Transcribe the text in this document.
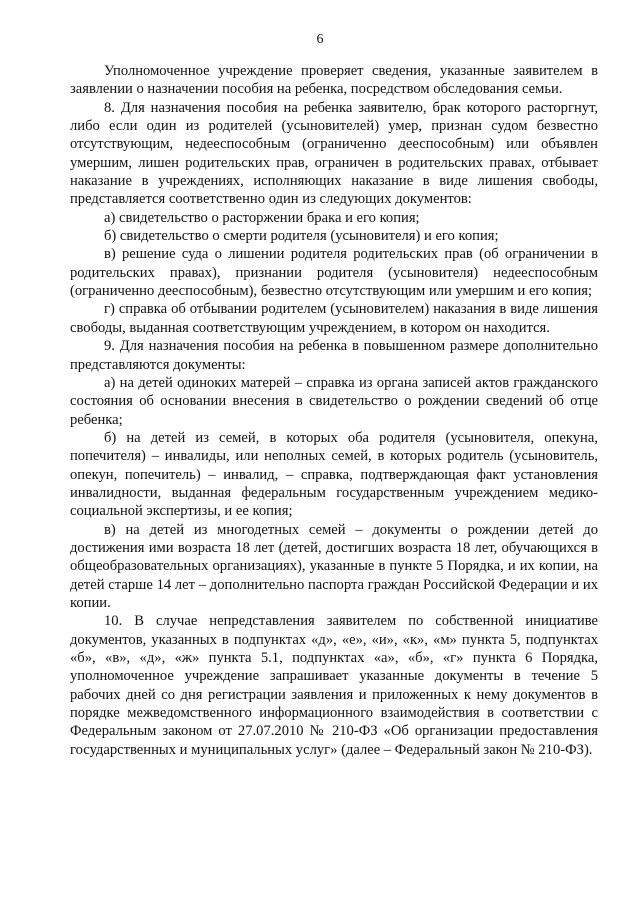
6

Уполномоченное учреждение проверяет сведения, указанные заявителем в заявлении о назначении пособия на ребенка, посредством обследования семьи.

8. Для назначения пособия на ребенка заявителю, брак которого расторгнут, либо если один из родителей (усыновителей) умер, признан судом безвестно отсутствующим, недееспособным (ограниченно дееспособным) или объявлен умершим, лишен родительских прав, ограничен в родительских правах, отбывает наказание в учреждениях, исполняющих наказание в виде лишения свободы, представляется соответственно один из следующих документов:

а) свидетельство о расторжении брака и его копия;

б) свидетельство о смерти родителя (усыновителя) и его копия;

в) решение суда о лишении родителя родительских прав (об ограничении в родительских правах), признании родителя (усыновителя) недееспособным (ограниченно дееспособным), безвестно отсутствующим или умершим и его копия;

г) справка об отбывании родителем (усыновителем) наказания в виде лишения свободы, выданная соответствующим учреждением, в котором он находится.

9. Для назначения пособия на ребенка в повышенном размере дополнительно представляются документы:

а) на детей одиноких матерей – справка из органа записей актов гражданского состояния об основании внесения в свидетельство о рождении сведений об отце ребенка;

б) на детей из семей, в которых оба родителя (усыновителя, опекуна, попечителя) – инвалиды, или неполных семей, в которых родитель (усыновитель, опекун, попечитель) – инвалид, – справка, подтверждающая факт установления инвалидности, выданная федеральным государственным учреждением медико-социальной экспертизы, и ее копия;

в) на детей из многодетных семей – документы о рождении детей до достижения ими возраста 18 лет (детей, достигших возраста 18 лет, обучающихся в общеобразовательных организациях), указанные в пункте 5 Порядка, и их копии, на детей старше 14 лет – дополнительно паспорта граждан Российской Федерации и их копии.

10. В случае непредставления заявителем по собственной инициативе документов, указанных в подпунктах «д», «е», «и», «к», «м» пункта 5, подпунктах «б», «в», «д», «ж» пункта 5.1, подпунктах «а», «б», «г» пункта 6 Порядка, уполномоченное учреждение запрашивает указанные документы в течение 5 рабочих дней со дня регистрации заявления и приложенных к нему документов в порядке межведомственного информационного взаимодействия в соответствии с Федеральным законом от 27.07.2010 № 210-ФЗ «Об организации предоставления государственных и муниципальных услуг» (далее – Федеральный закон № 210-ФЗ).
